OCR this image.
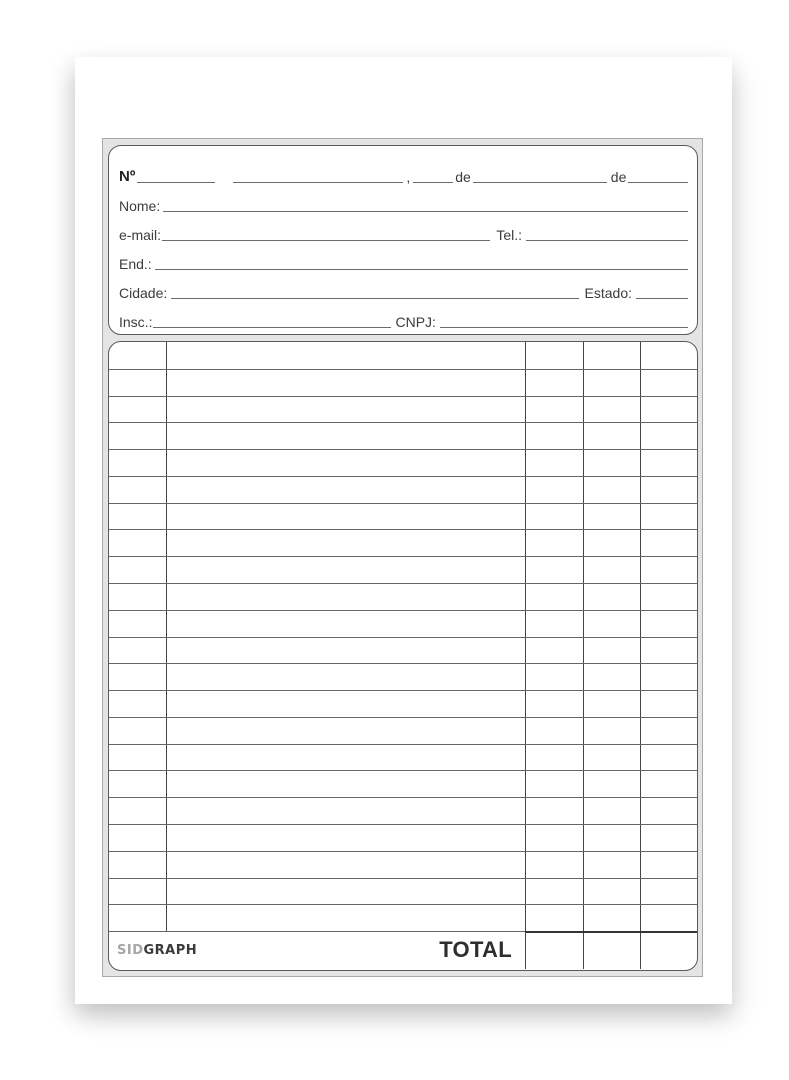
Nº	,	de	de
Nome:
e-mail:	Tel.:
End.:
Cidade:	Estado:
Insc.:	CNPJ:
SIDGRAPH	TOTAL
